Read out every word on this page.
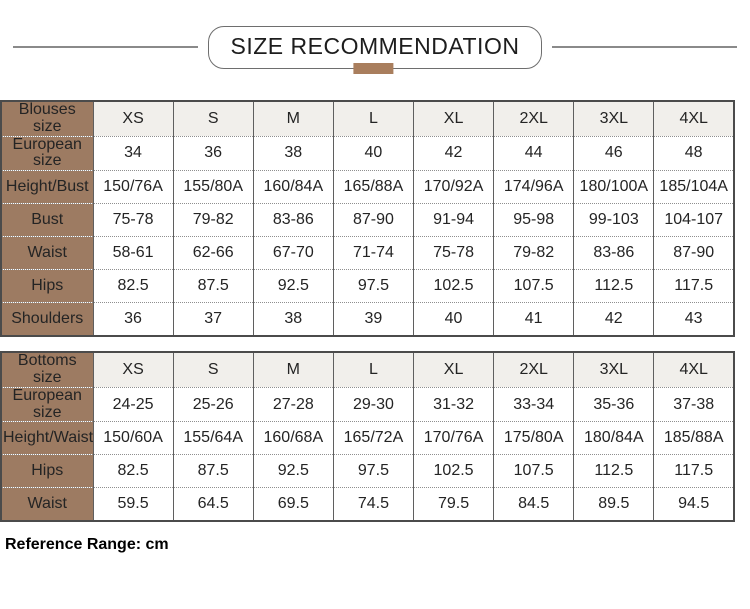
SIZE RECOMMENDATION
Blouses size	XS	S	M	L	XL	2XL	3XL	4XL
European size	34	36	38	40	42	44	46	48
Height/Bust	150/76A	155/80A	160/84A	165/88A	170/92A	174/96A	180/100A	185/104A
Bust	75-78	79-82	83-86	87-90	91-94	95-98	99-103	104-107
Waist	58-61	62-66	67-70	71-74	75-78	79-82	83-86	87-90
Hips	82.5	87.5	92.5	97.5	102.5	107.5	112.5	117.5
Shoulders	36	37	38	39	40	41	42	43
Bottoms size	XS	S	M	L	XL	2XL	3XL	4XL
European size	24-25	25-26	27-28	29-30	31-32	33-34	35-36	37-38
Height/Waist	150/60A	155/64A	160/68A	165/72A	170/76A	175/80A	180/84A	185/88A
Hips	82.5	87.5	92.5	97.5	102.5	107.5	112.5	117.5
Waist	59.5	64.5	69.5	74.5	79.5	84.5	89.5	94.5
Reference Range: cm
